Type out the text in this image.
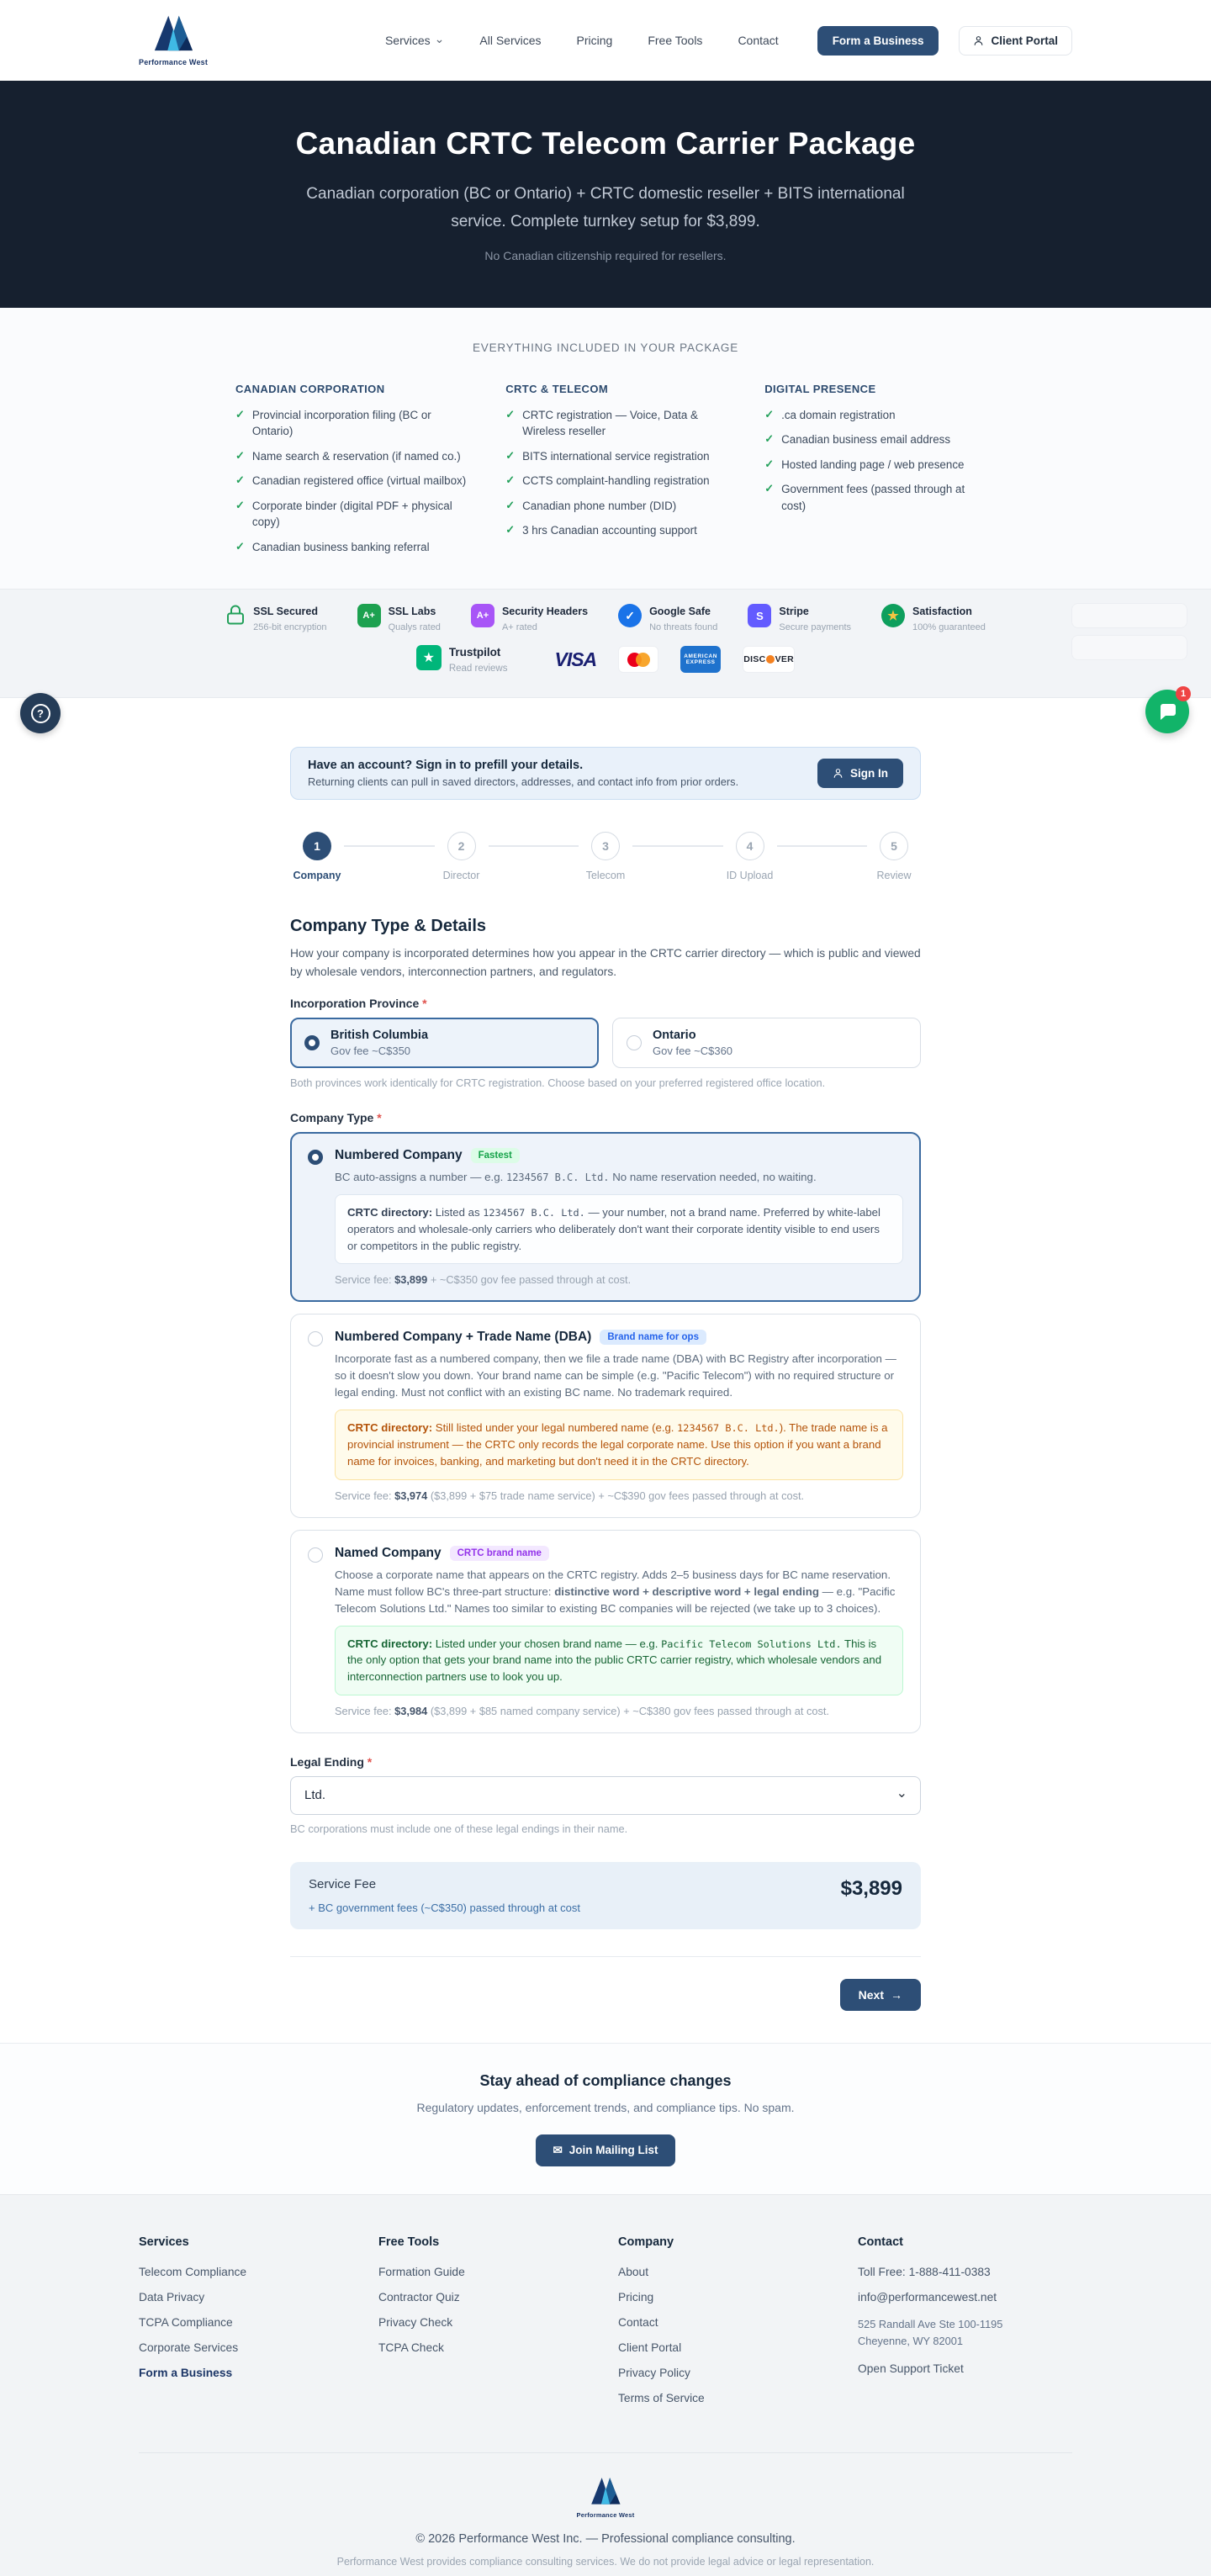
Performance West
Services ⌄	All Services	Pricing	Free Tools	Contact	Form a Business	Client Portal
Canadian CRTC Telecom Carrier Package
Canadian corporation (BC or Ontario) + CRTC domestic reseller + BITS international service. Complete turnkey setup for $3,899.
No Canadian citizenship required for resellers.
EVERYTHING INCLUDED IN YOUR PACKAGE
CANADIAN CORPORATION
✓ Provincial incorporation filing (BC or Ontario)
✓ Name search & reservation (if named co.)
✓ Canadian registered office (virtual mailbox)
✓ Corporate binder (digital PDF + physical copy)
✓ Canadian business banking referral
CRTC & TELECOM
✓ CRTC registration — Voice, Data & Wireless reseller
✓ BITS international service registration
✓ CCTS complaint-handling registration
✓ Canadian phone number (DID)
✓ 3 hrs Canadian accounting support
DIGITAL PRESENCE
✓ .ca domain registration
✓ Canadian business email address
✓ Hosted landing page / web presence
✓ Government fees (passed through at cost)
SSL Secured
256-bit encryption
A+	SSL Labs
Qualys rated
A+	Security Headers
A+ rated
✓	Google Safe
No threats found
S	Stripe
Secure payments
★	Satisfaction
100% guaranteed
★	Trustpilot
Read reviews VISA	AMERICAN
EXPRESS	DISC VER
Have an account? Sign in to prefill your details.
Returning clients can pull in saved directors, addresses, and contact info from prior orders.
Sign In
1
Company
2
Director
3
Telecom
4
ID Upload
5
Review
Company Type & Details
How your company is incorporated determines how you appear in the CRTC carrier directory — which is public and viewed by wholesale vendors, interconnection partners, and regulators.
Incorporation Province *
British Columbia
Gov fee ~C$350
Ontario
Gov fee ~C$360
Both provinces work identically for CRTC registration. Choose based on your preferred registered office location.
Company Type *
Numbered Company	Fastest
BC auto-assigns a number — e.g. 1234567 B.C. Ltd. No name reservation needed, no waiting.
CRTC directory: Listed as 1234567 B.C. Ltd. — your number, not a brand name. Preferred by white-label operators and wholesale-only carriers who deliberately don't want their corporate identity visible to end users or competitors in the public registry.
Service fee: $3,899 + ~C$350 gov fee passed through at cost.
Numbered Company + Trade Name (DBA)	Brand name for ops
Incorporate fast as a numbered company, then we file a trade name (DBA) with BC Registry after incorporation — so it doesn't slow you down. Your brand name can be simple (e.g. "Pacific Telecom") with no required structure or legal ending. Must not conflict with an existing BC name. No trademark required.
CRTC directory: Still listed under your legal numbered name (e.g. 1234567 B.C. Ltd.). The trade name is a provincial instrument — the CRTC only records the legal corporate name. Use this option if you want a brand name for invoices, banking, and marketing but don't need it in the CRTC directory.
Service fee: $3,974 ($3,899 + $75 trade name service) + ~C$390 gov fees passed through at cost.
Named Company	CRTC brand name
Choose a corporate name that appears on the CRTC registry. Adds 2–5 business days for BC name reservation. Name must follow BC's three-part structure: distinctive word + descriptive word + legal ending — e.g. "Pacific Telecom Solutions Ltd." Names too similar to existing BC companies will be rejected (we take up to 3 choices).
CRTC directory: Listed under your chosen brand name — e.g. Pacific Telecom Solutions Ltd. This is the only option that gets your brand name into the public CRTC carrier registry, which wholesale vendors and interconnection partners use to look you up.
Service fee: $3,984 ($3,899 + $85 named company service) + ~C$380 gov fees passed through at cost.
Legal Ending *
Ltd.
⌄
BC corporations must include one of these legal endings in their name.
Service Fee
+ BC government fees (~C$350) passed through at cost
$3,899
Next →
Stay ahead of compliance changes
Regulatory updates, enforcement trends, and compliance tips. No spam.
✉ Join Mailing List
Services
Telecom Compliance
Data Privacy
TCPA Compliance
Corporate Services
Form a Business
Free Tools
Formation Guide
Contractor Quiz
Privacy Check
TCPA Check
Company
About
Pricing
Contact
Client Portal
Privacy Policy
Terms of Service
Contact
Toll Free: 1-888-411-0383
info@performancewest.net
525 Randall Ave Ste 100-1195
Cheyenne, WY 82001
Open Support Ticket
Performance West
© 2026 Performance West Inc. — Professional compliance consulting.
Performance West provides compliance consulting services. We do not provide legal advice or legal representation.
?
1
